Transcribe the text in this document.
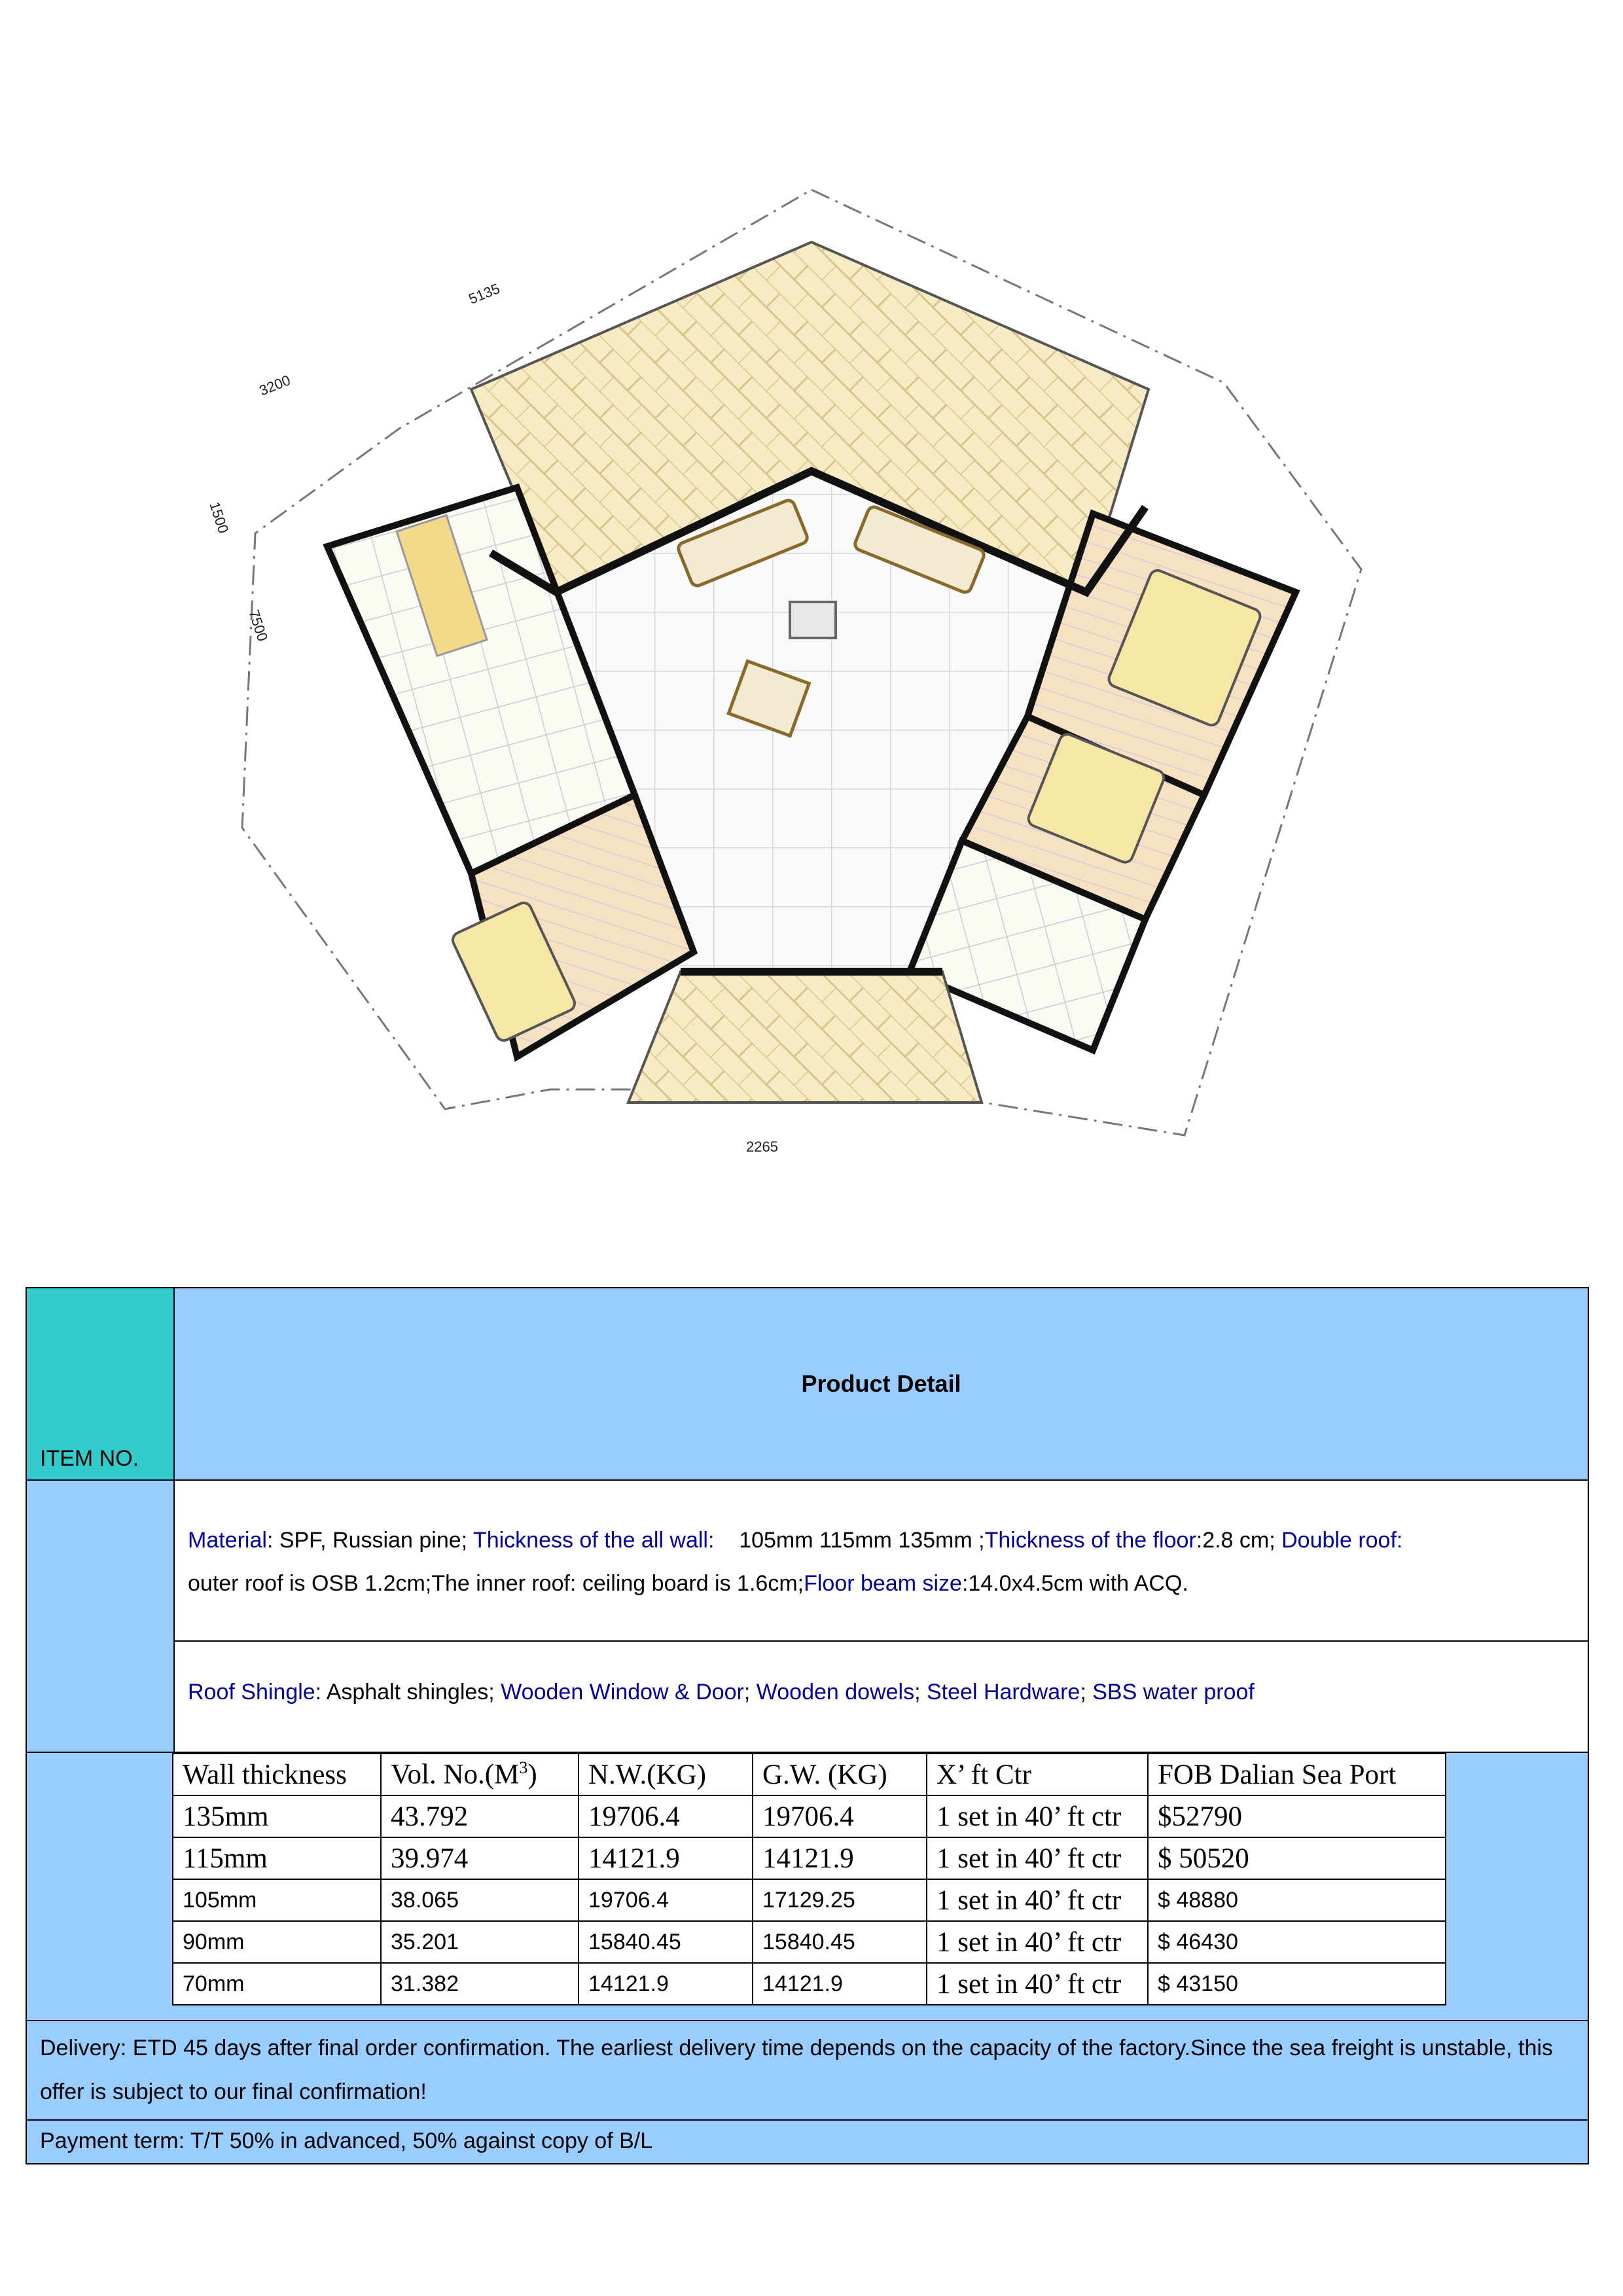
5135
3200
1500
7500
2265
ITEM NO.
Product Detail
Material: SPF, Russian pine; Thickness of the all wall:    105mm 115mm 135mm ;Thickness of the floor:2.8 cm; Double roof:
outer roof is OSB 1.2cm;The inner roof: ceiling board is 1.6cm;Floor beam size:14.0x4.5cm with ACQ.
Roof Shingle: Asphalt shingles; Wooden Window & Door; Wooden dowels; Steel Hardware; SBS water proof
Wall thickness	Vol. $No.(M^3)$	N.W.(KG)	G.W. (KG)	X’ ft Ctr	FOB Dalian Sea Port
135mm	43.792	19706.4	19706.4	1 set in 40’ ft ctr	$52790
115mm	39.974	14121.9	14121.9	1 set in 40’ ft ctr	$ 50520
105mm	38.065	19706.4	17129.25	1 set in 40’ ft ctr	$ 48880
90mm	35.201	15840.45	15840.45	1 set in 40’ ft ctr	$ 46430
70mm	31.382	14121.9	14121.9	1 set in 40’ ft ctr	$ 43150
Delivery: ETD 45 days after final order confirmation. The earliest delivery time depends on the capacity of the factory.Since the sea freight is unstable, this offer is subject to our final confirmation!
Payment term: T/T 50% in advanced, 50% against copy of B/L
